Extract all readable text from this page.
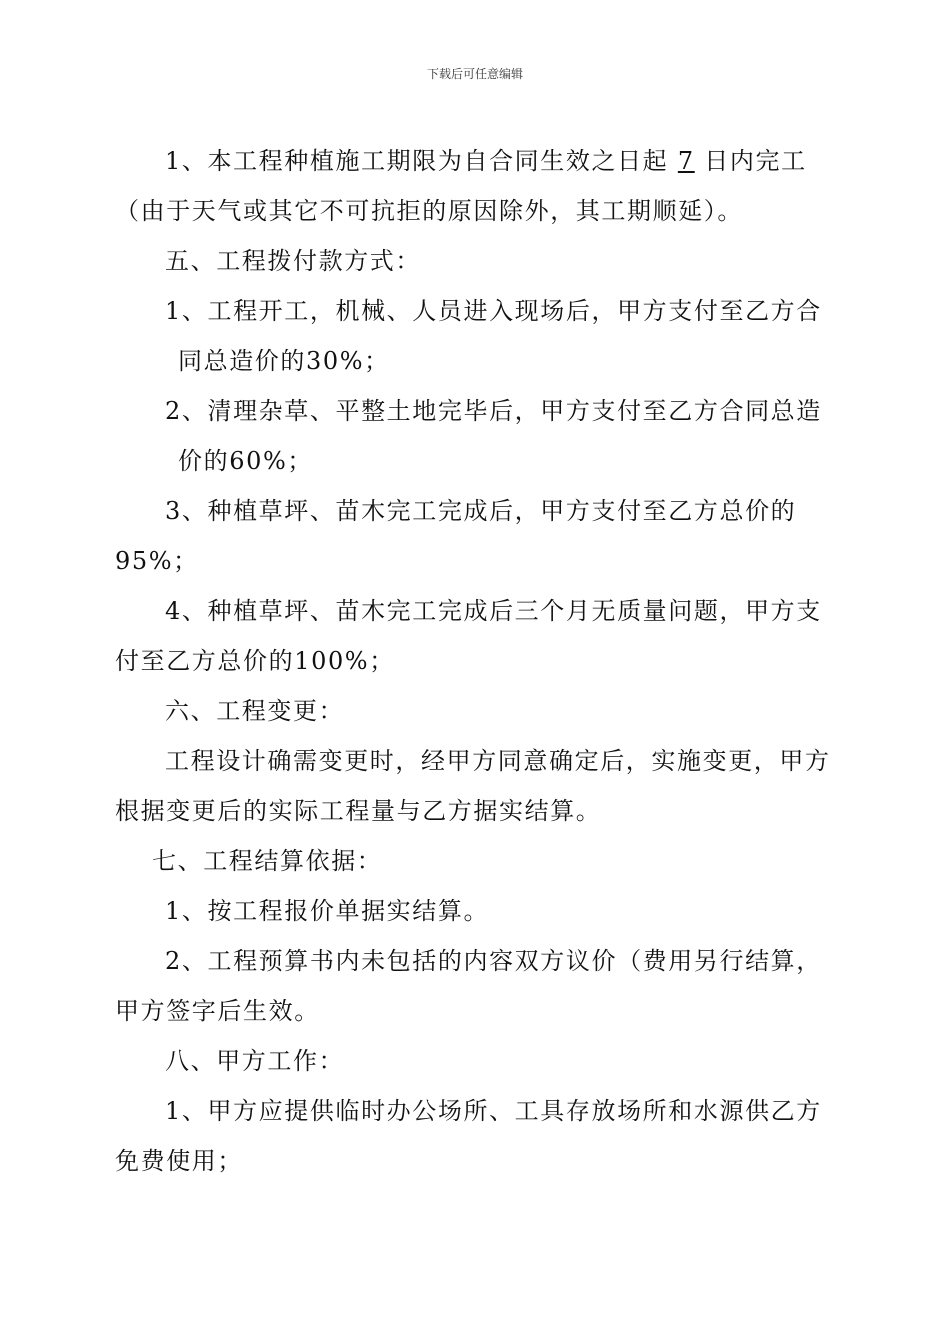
下载后可任意编辑
1、本工程种植施工期限为自合同生效之日起 7 日内完工
（由于天气或其它不可抗拒的原因除外，其工期顺延）。
五、工程拨付款方式：
1、工程开工，机械、人员进入现场后，甲方支付至乙方合
同总造价的30%；
2、清理杂草、平整土地完毕后，甲方支付至乙方合同总造
价的60%；
3、种植草坪、苗木完工完成后，甲方支付至乙方总价的
95%；
4、种植草坪、苗木完工完成后三个月无质量问题，甲方支
付至乙方总价的100%；
六、工程变更：
工程设计确需变更时，经甲方同意确定后，实施变更，甲方
根据变更后的实际工程量与乙方据实结算。
七、工程结算依据：
1、按工程报价单据实结算。
2、工程预算书内未包括的内容双方议价（费用另行结算，
甲方签字后生效。
八、甲方工作：
1、甲方应提供临时办公场所、工具存放场所和水源供乙方
免费使用；
